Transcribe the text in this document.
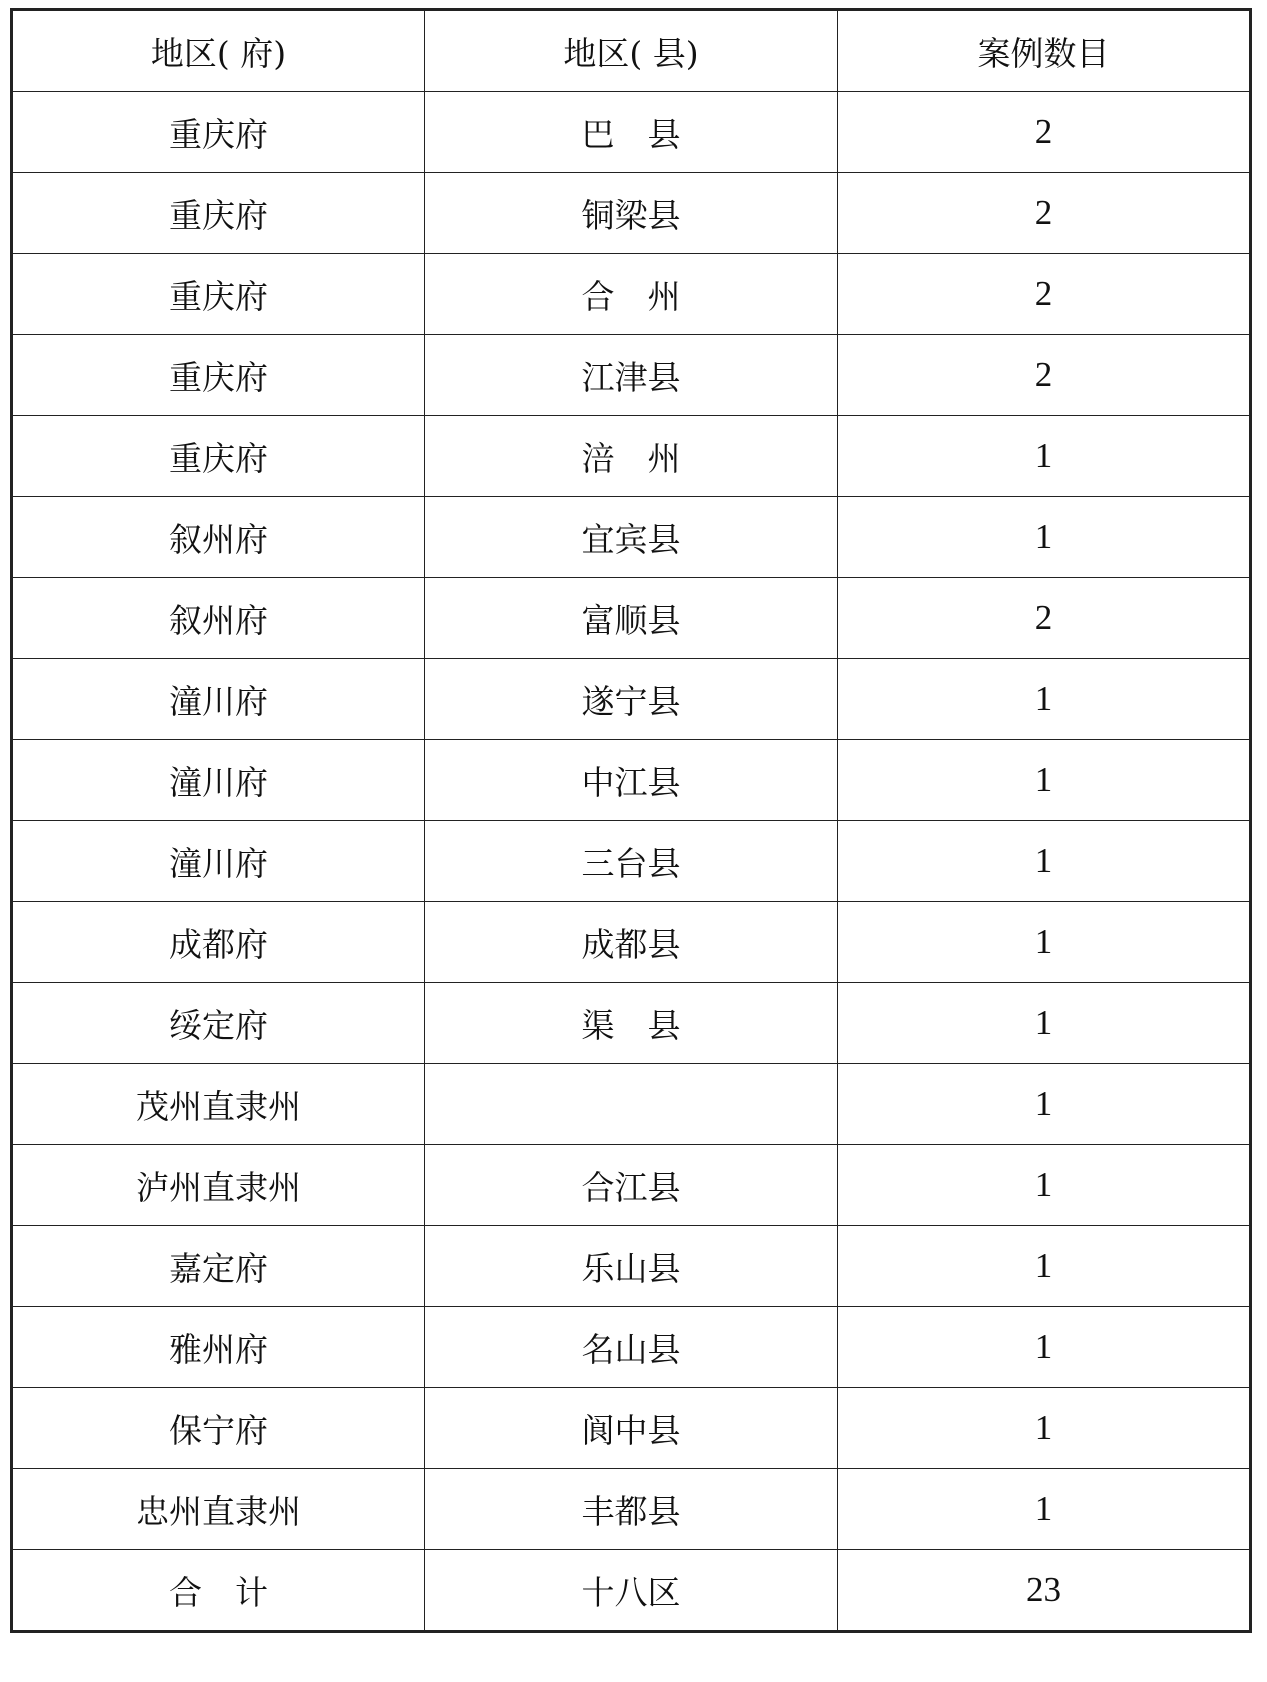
地区( 府)	地区( 县)	案例数目
重庆府	巴　县	2
重庆府	铜梁县	2
重庆府	合　州	2
重庆府	江津县	2
重庆府	涪　州	1
叙州府	宜宾县	1
叙州府	富顺县	2
潼川府	遂宁县	1
潼川府	中江县	1
潼川府	三台县	1
成都府	成都县	1
绥定府	渠　县	1
茂州直隶州		1
泸州直隶州	合江县	1
嘉定府	乐山县	1
雅州府	名山县	1
保宁府	阆中县	1
忠州直隶州	丰都县	1
合　计	十八区	23
